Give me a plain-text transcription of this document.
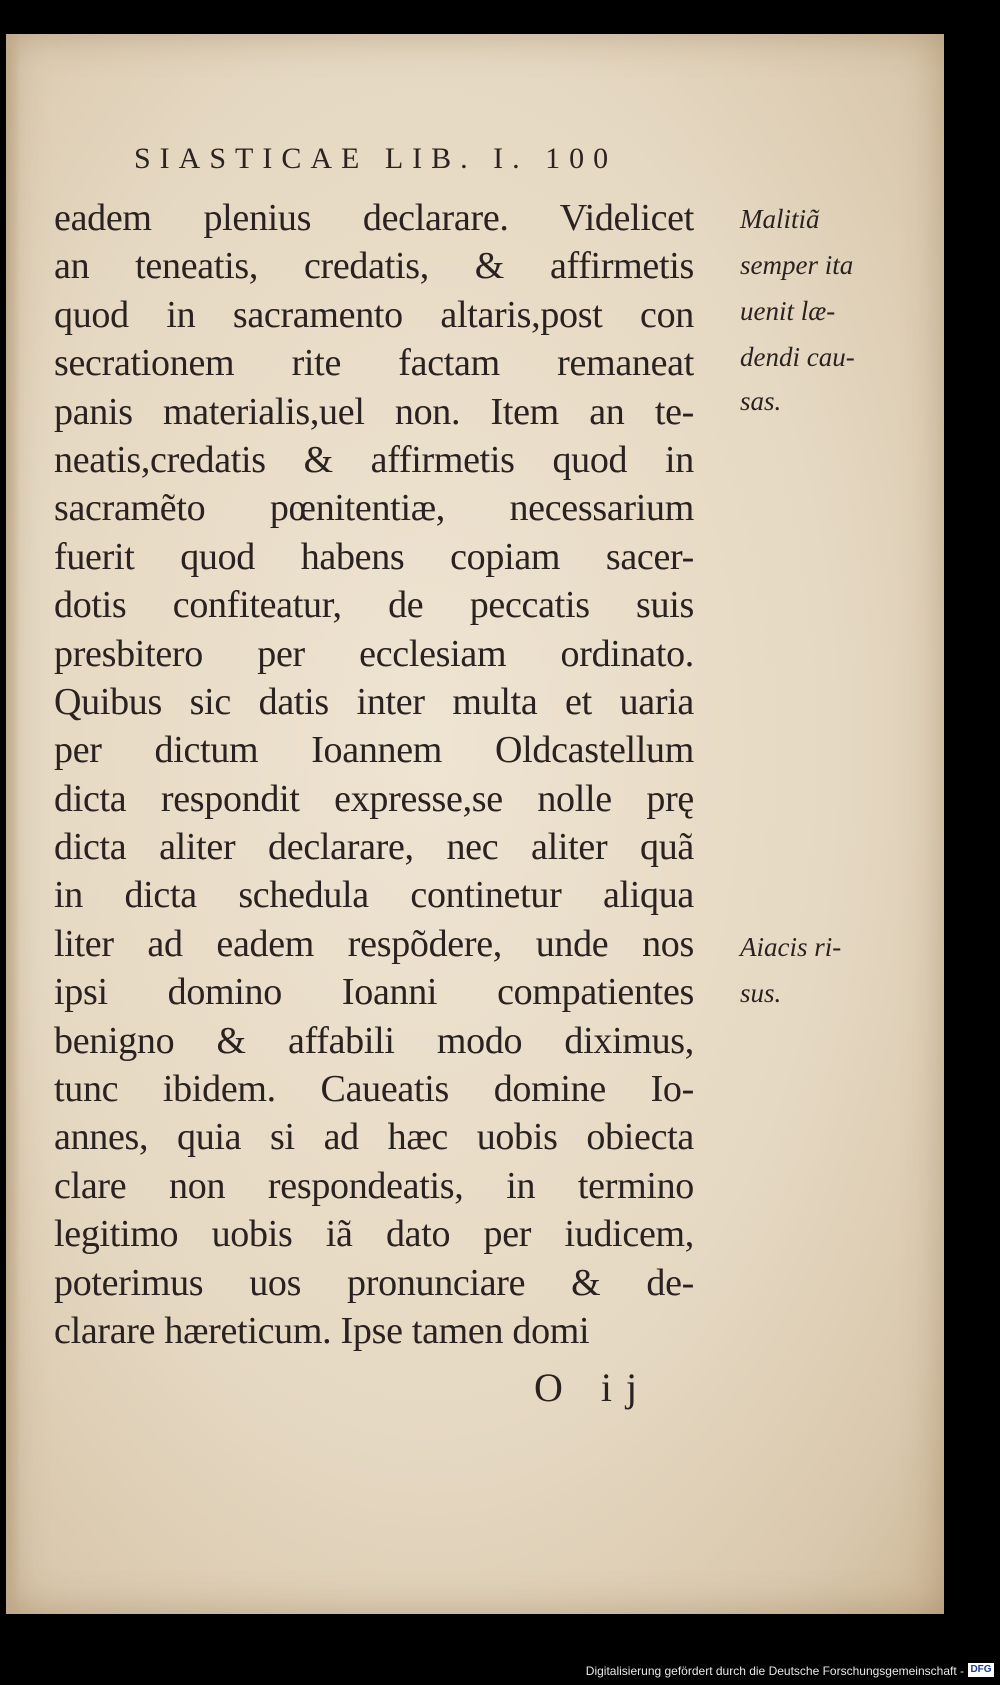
SIASTICAE LIB. I. 100
eadem plenius declarare. Videlicet
an teneatis, credatis, & affirmetis
quod in sacramento altaris,post con
secrationem rite factam remaneat
panis materialis,uel non. Item an te-
neatis,credatis & affirmetis quod in
sacramẽto pœnitentiæ, necessarium
fuerit quod habens copiam sacer-
dotis confiteatur, de peccatis suis
presbitero per ecclesiam ordinato.
Quibus sic datis inter multa et uaria
per dictum Ioannem Oldcastellum
dicta respondit expresse,se nolle prę
dicta aliter declarare, nec aliter quã
in dicta schedula continetur aliqua
liter ad eadem respõdere, unde nos
ipsi domino Ioanni compatientes
benigno & affabili modo diximus,
tunc ibidem. Caueatis domine Io-
annes, quia si ad hæc uobis obiecta
clare non respondeatis, in termino
legitimo uobis iã dato per iudicem,
poterimus uos pronunciare & de-
clarare hæreticum. Ipse tamen domi
Malitiã
semper ita
uenit læ-
dendi cau-
sas.
Aiacis ri-
sus.
O ij
Digitalisierung gefördert durch die Deutsche Forschungsgemeinschaft - DFG
